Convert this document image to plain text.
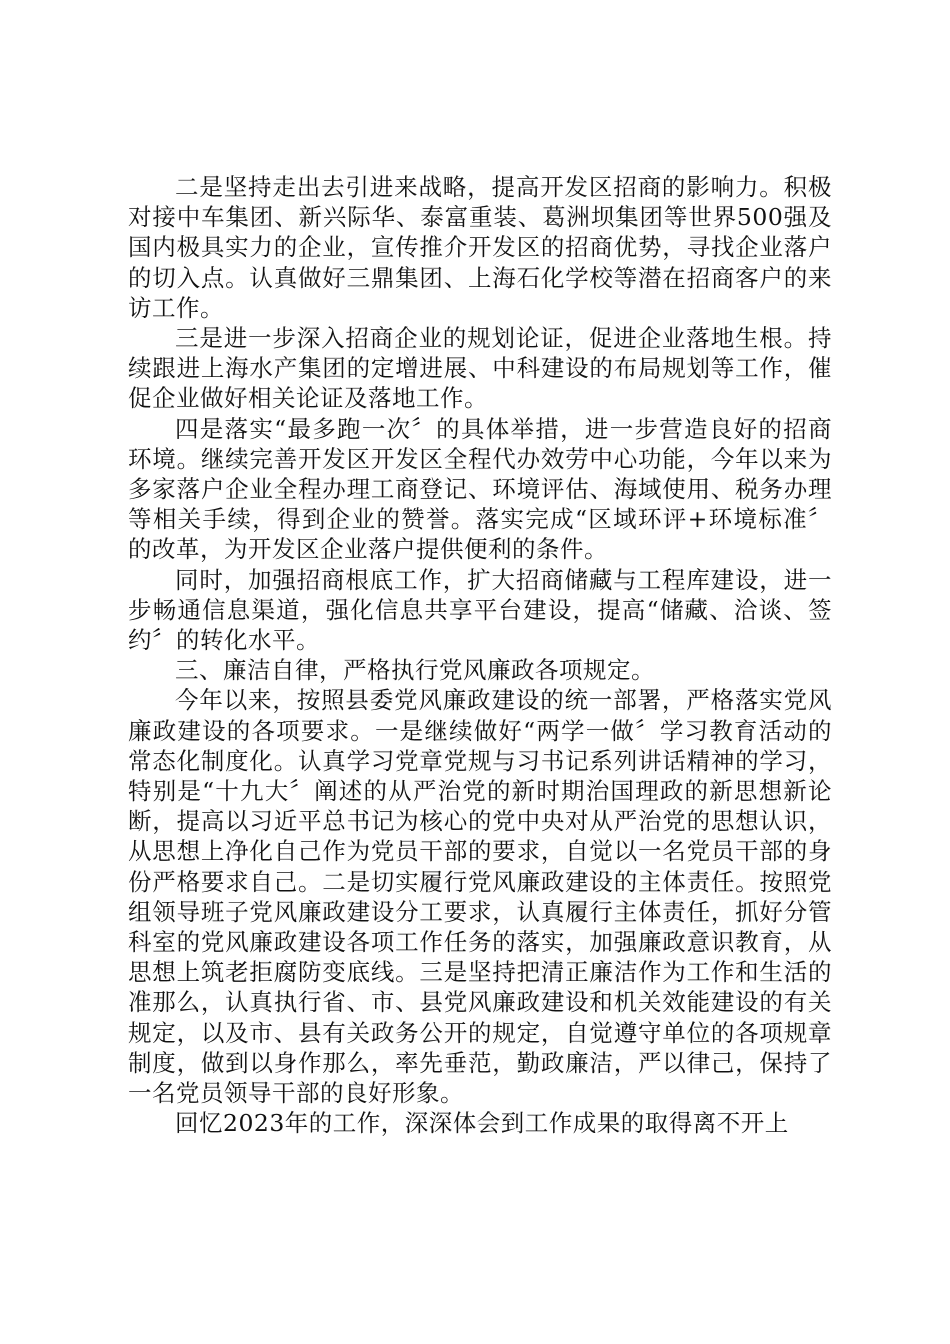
二是坚持走出去引进来战略，提高开发区招商的影响力。积极对接中车集团、新兴际华、泰富重装、葛洲坝集团等世界500强及国内极具实力的企业，宣传推介开发区的招商优势，寻找企业落户的切入点。认真做好三鼎集团、上海石化学校等潜在招商客户的来访工作。

三是进一步深入招商企业的规划论证，促进企业落地生根。持续跟进上海水产集团的定增进展、中科建设的布局规划等工作，催促企业做好相关论证及落地工作。

四是落实“最多跑一次〞的具体举措，进一步营造良好的招商环境。继续完善开发区开发区全程代办效劳中心功能，今年以来为多家落户企业全程办理工商登记、环境评估、海域使用、税务办理等相关手续，得到企业的赞誉。落实完成“区域环评+环境标准〞的改革，为开发区企业落户提供便利的条件。

同时，加强招商根底工作，扩大招商储藏与工程库建设，进一步畅通信息渠道，强化信息共享平台建设，提高“储藏、洽谈、签约〞的转化水平。

三、廉洁自律，严格执行党风廉政各项规定。

今年以来，按照县委党风廉政建设的统一部署，严格落实党风廉政建设的各项要求。一是继续做好“两学一做〞学习教育活动的常态化制度化。认真学习党章党规与习书记系列讲话精神的学习，特别是“十九大〞阐述的从严治党的新时期治国理政的新思想新论断，提高以习近平总书记为核心的党中央对从严治党的思想认识，从思想上净化自己作为党员干部的要求，自觉以一名党员干部的身份严格要求自己。二是切实履行党风廉政建设的主体责任。按照党组领导班子党风廉政建设分工要求，认真履行主体责任，抓好分管科室的党风廉政建设各项工作任务的落实，加强廉政意识教育，从思想上筑老拒腐防变底线。三是坚持把清正廉洁作为工作和生活的准那么，认真执行省、市、县党风廉政建设和机关效能建设的有关规定，以及市、县有关政务公开的规定，自觉遵守单位的各项规章制度，做到以身作那么，率先垂范，勤政廉洁，严以律己，保持了一名党员领导干部的良好形象。

回忆2023年的工作，深深体会到工作成果的取得离不开上
